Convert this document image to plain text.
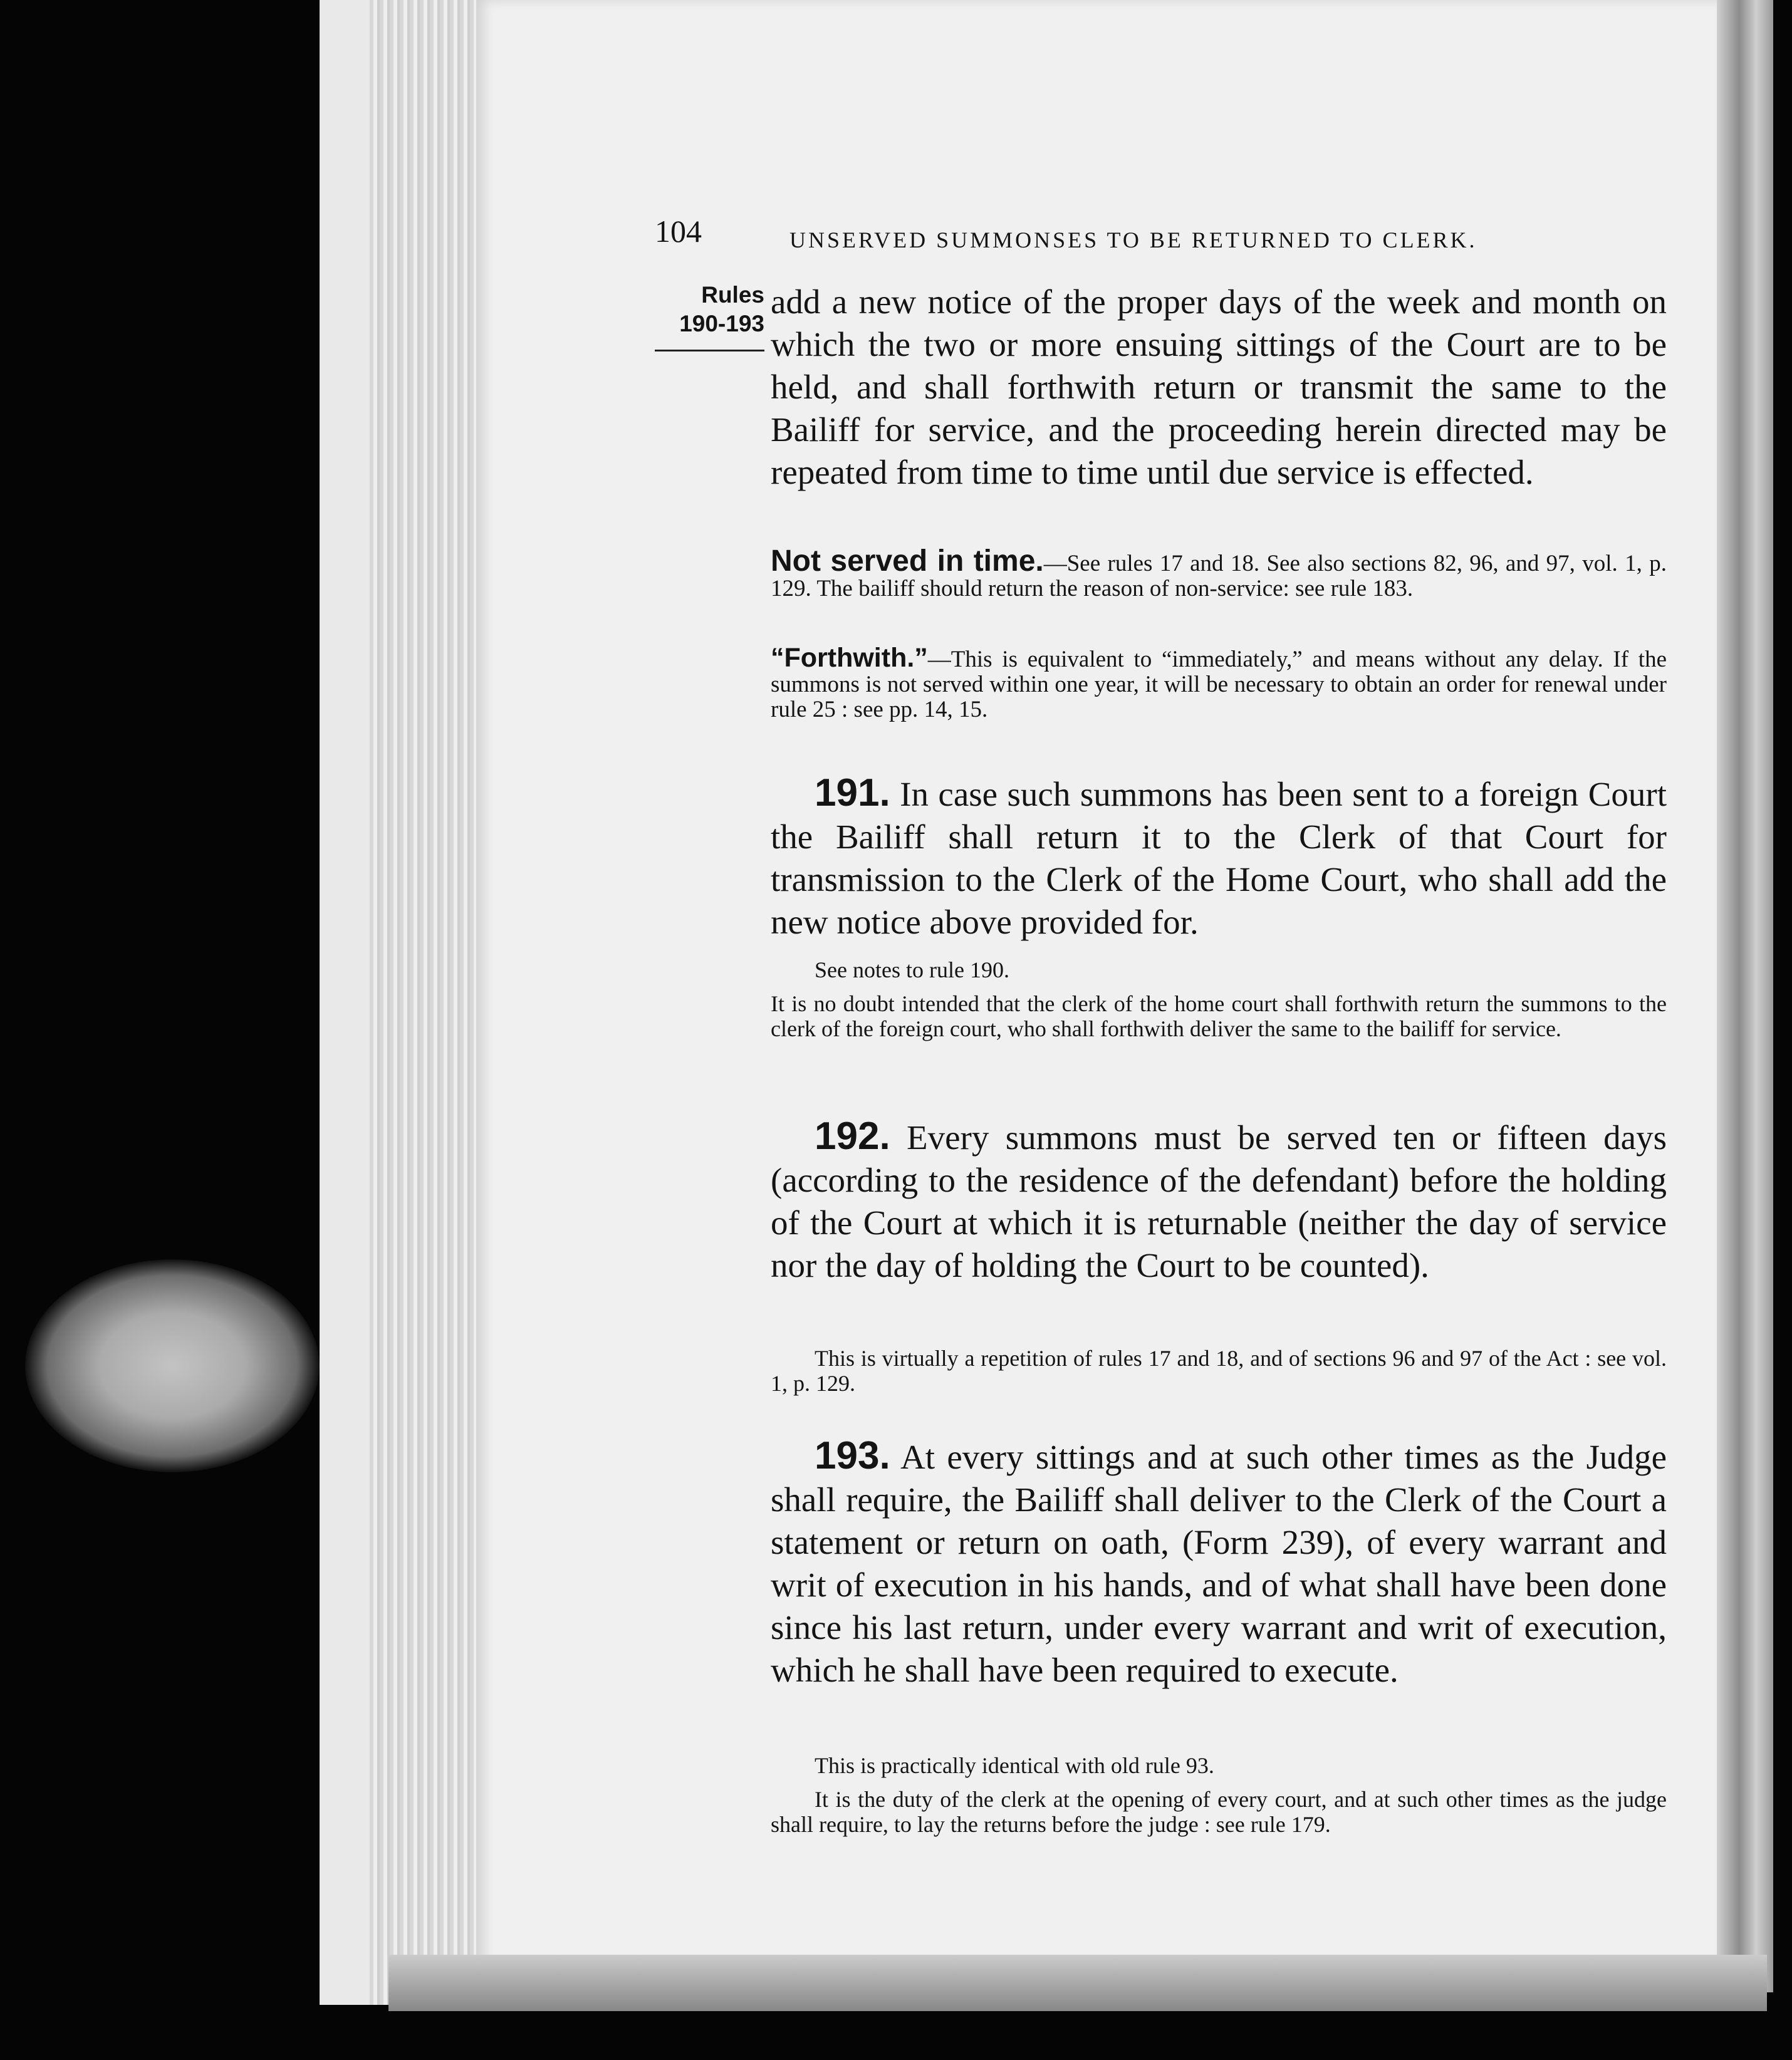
104	UNSERVED SUMMONSES TO BE RETURNED TO CLERK.
Rules
190-193
add a new notice of the proper days of the week and month on which the two or more ensuing sittings of the Court are to be held, and shall forthwith return or transmit the same to the Bailiff for service, and the proceeding herein directed may be repeated from time to time until due service is effected.
Not served in time.—See rules 17 and 18. See also sections 82, 96, and 97, vol. 1, p. 129. The bailiff should return the reason of non-service: see rule 183.
“Forthwith.”—This is equivalent to “immediately,” and means without any delay. If the summons is not served within one year, it will be necessary to obtain an order for renewal under rule 25 : see pp. 14, 15.
191. In case such summons has been sent to a foreign Court the Bailiff shall return it to the Clerk of that Court for transmission to the Clerk of the Home Court, who shall add the new notice above provided for.
See notes to rule 190.
It is no doubt intended that the clerk of the home court shall forthwith return the summons to the clerk of the foreign court, who shall forthwith deliver the same to the bailiff for service.
192. Every summons must be served ten or fifteen days (according to the residence of the defendant) before the holding of the Court at which it is returnable (neither the day of service nor the day of holding the Court to be counted).
This is virtually a repetition of rules 17 and 18, and of sections 96 and 97 of the Act : see vol. 1, p. 129.
193. At every sittings and at such other times as the Judge shall require, the Bailiff shall deliver to the Clerk of the Court a statement or return on oath, (Form 239), of every warrant and writ of execution in his hands, and of what shall have been done since his last return, under every warrant and writ of execution, which he shall have been required to execute.
This is practically identical with old rule 93.
It is the duty of the clerk at the opening of every court, and at such other times as the judge shall require, to lay the returns before the judge : see rule 179.
